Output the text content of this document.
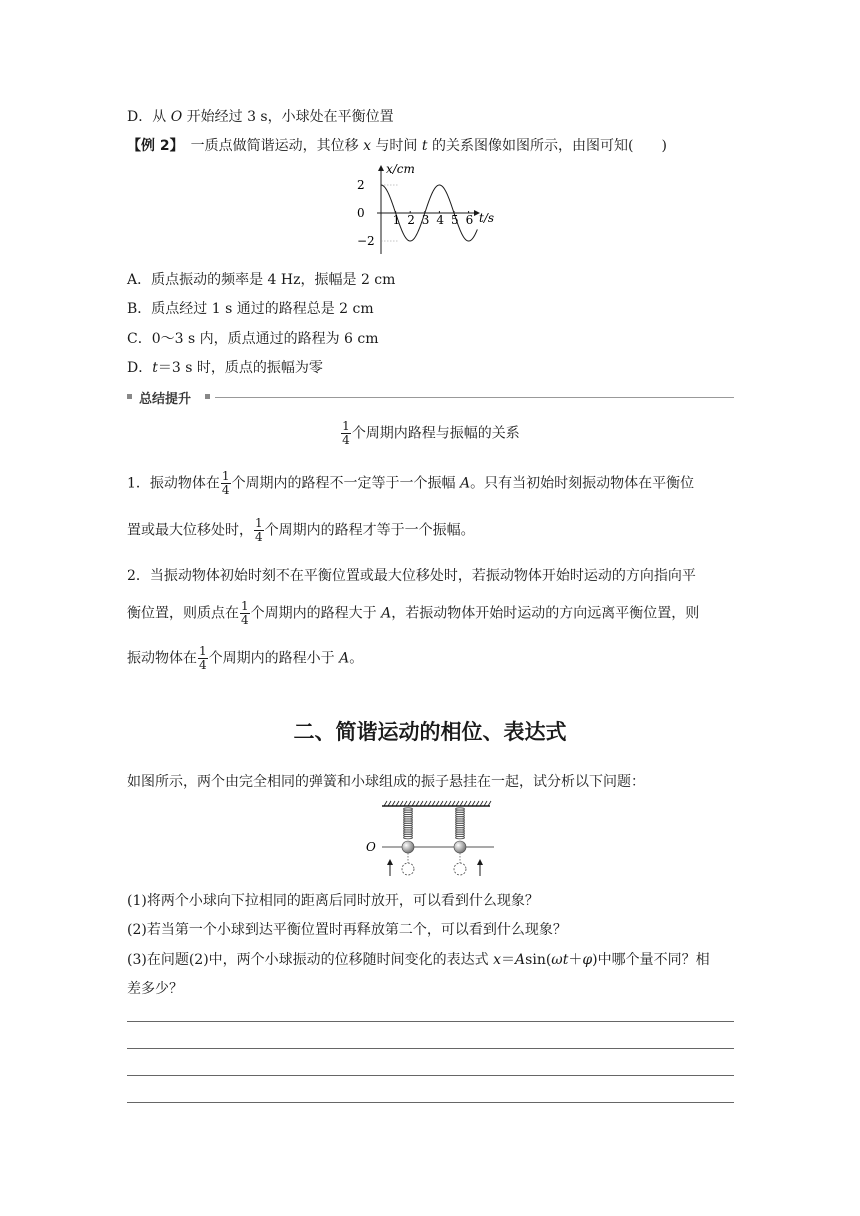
D．从 O 开始经过 3 s，小球处在平衡位置
【例 2】　 一质点做简谐运动，其位移 x 与时间 t 的关系图像如图所示，由图可知(　　)
1 2 3 4 5 6
2
0
−2
x/cm
t/s
A．质点振动的频率是 4 Hz，振幅是 2 cm
B．质点经过 1 s 通过的路程总是 2 cm
C．0～3 s 内，质点通过的路程为 6 cm
D．t＝3 s 时，质点的振幅为零
总结提升
$\frac{1}{4}$ 个周期内路程与振幅的关系
1．振动物体在 $\frac{1}{4}$ 个周期内的路程不一定等于一个振幅 A。只有当初始时刻振动物体在平衡位
置或最大位移处时， $\frac{1}{4}$ 个周期内的路程才等于一个振幅。
2．当振动物体初始时刻不在平衡位置或最大位移处时，若振动物体开始时运动的方向指向平
衡位置，则质点在 $\frac{1}{4}$ 个周期内的路程大于 A，若振动物体开始时运动的方向远离平衡位置，则
振动物体在 $\frac{1}{4}$ 个周期内的路程小于 A。
二、简谐运动的相位、表达式
如图所示，两个由完全相同的弹簧和小球组成的振子悬挂在一起，试分析以下问题：
O
(1)将两个小球向下拉相同的距离后同时放开，可以看到什么现象？
(2)若当第一个小球到达平衡位置时再释放第二个，可以看到什么现象？
(3)在问题(2)中，两个小球振动的位移随时间变化的表达式 x＝Asin(ωt＋φ)中哪个量不同？相
差多少？
